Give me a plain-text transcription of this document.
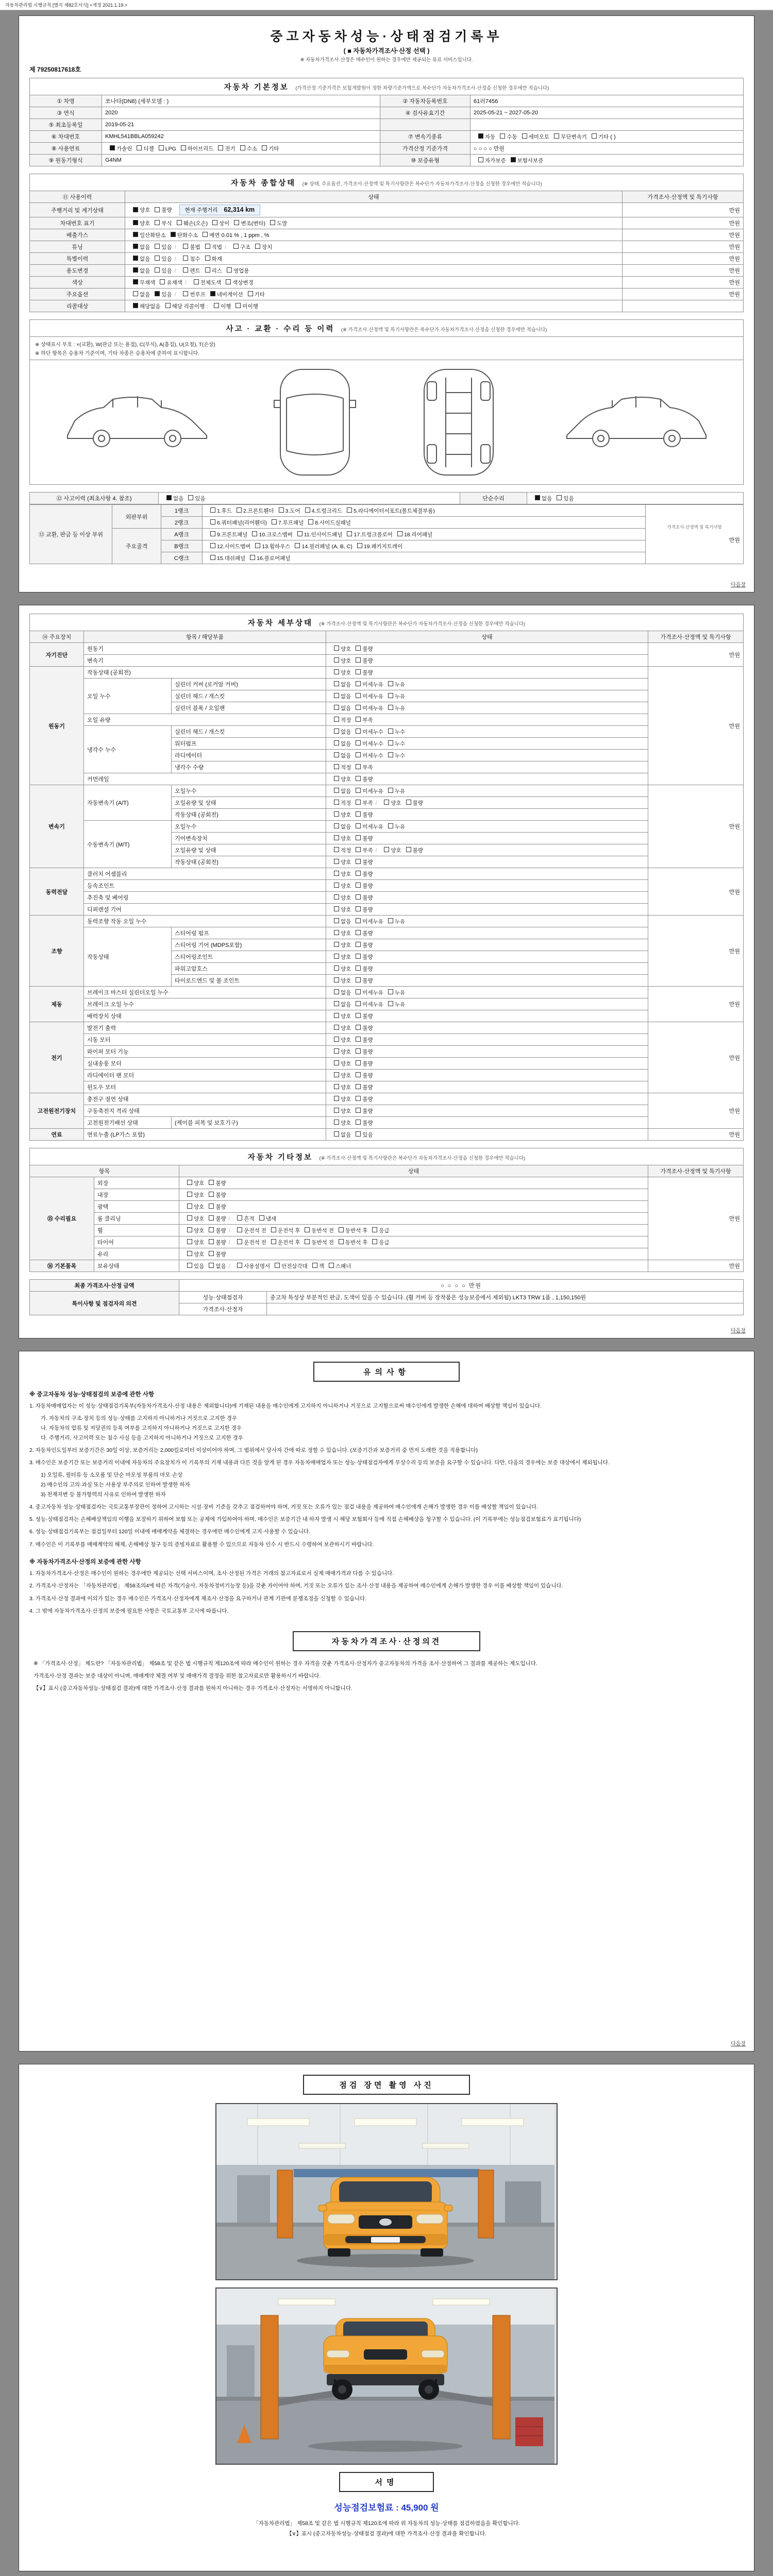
자동차관리법 시행규칙 [별지 제82호서식] <개정 2021.1.19.>
중고자동차성능·상태점검기록부
( ■ 자동차가격조사·산정 선택 )
※ 자동차가격조사·산정은 매수인이 원하는 경우에만 제공되는 유료 서비스입니다.
제 79250817618호
자동차 기본정보 (가격산정 기준가격은 보험개발원이 정한 차량기준가액으로 복수단가 자동차가격조사·산정을 신청한 경우에만 적습니다)
① 차명	쏘나타(DN8) (세부모델 : )	② 자동차등록번호	61러7456
③ 연식	2020	④ 검사유효기간	2025-05-21 ~ 2027-05-20
⑤ 최초등록일	2019-05-21		
⑥ 차대번호	KMHL541BBLA059242	⑦ 변속기종류	자동 수동 세미오토 무단변속기 기타 ( )
⑧ 사용연료	가솔린 디젤 LPG 하이브리드 전기 수소 기타	가격산정 기준가격	○ ○ ○ ○ 만원
⑨ 원동기형식	G4NM	⑩ 보증유형	자가보증 보험사보증
자동차 종합상태 (※ 상태, 주요옵션, 가격조사·산정액 및 특기사항란은 복수단가 자동차가격조사·산정을 신청한 경우에만 적습니다)
⑪ 사용이력	상태	가격조사·산정액 및 특기사항
주행거리 및 계기상태	양호 불량 현재 주행거리 62,314 km	만원
차대번호 표기	양호 부식 훼손(오손) 상이 변조(변타) 도말	만원
배출가스	일산화탄소 탄화수소 매연 0.01 % , 1 ppm , %	만원
튜닝	없음 있음 / 불법 적법 / 구조 장치	만원
특별이력	없음 있음 / 침수 화재	만원
용도변경	없음 있음 / 렌트 리스 영업용	만원
색상	무채색 유채색 / 전체도색 색상변경	만원
주요옵션	없음 있음 / 썬루프 네비게이션 기타	만원
리콜대상	해당없음 해당 리콜이행 : 이행 미이행	
사고 · 교환 · 수리 등 이력 (※ 가격조사·산정액 및 특기사항란은 복수단가 자동차가격조사·산정을 신청한 경우에만 적습니다)
※ 상태표시 부호 : ×(교환), W(판금 또는 용접), C(부식), A(흠집), U(요철), T(손상)
※ 하단 항목은 승용차 기준이며, 기타 차종은 승용차에 준하여 표시합니다.
⑫ 사고이력 (최초사항 4. 참조)	없음 있음	단순수리	없음 있음
⑬ 교환, 판금 등 이상 부위	외판부위	1랭크	1.후드 2.프론트휀더 3.도어 4.트렁크리드 5.라디에이터서포트(볼트체결부품)	가격조사·산정액 및 특기사항
만원

		2랭크	6.쿼터패널(리어휀더) 7.루프패널 8.사이드실패널	
	주요골격	A랭크	9.프론트패널 10.크로스멤버 11.인사이드패널 17.트렁크플로어 18.리어패널	
		B랭크	12.사이드멤버 13.휠하우스 14.필러패널 (A, B, C) 19.패키지트레이	
		C랭크	15.대쉬패널 16.플로어패널	
다음장
자동차 세부상태 (※ 가격조사·산정액 및 특기사항란은 복수단가 자동차가격조사·산정을 신청한 경우에만 적습니다)
⑭ 주요장치	항목 / 해당부품		상태	가격조사·산정액 및 특기사항
자기진단	원동기		양호 불량	만원
	변속기		양호 불량	
원동기	작동상태 (공회전)		양호 불량	만원
	오일 누수	실린더 커버 (로커암 커버)	없음 미세누유 누유	
		실린더 헤드 / 개스킷	없음 미세누유 누유	
		실린더 블록 / 오일팬	없음 미세누유 누유	
	오일 유량		적정 부족	
	냉각수 누수	실린더 헤드 / 개스킷	없음 미세누수 누수	
		워터펌프	없음 미세누수 누수	
		라디에이터	없음 미세누수 누수	
		냉각수 수량	적정 부족	
	커먼레일		양호 불량	
변속기	자동변속기 (A/T)	오일누수	없음 미세누유 누유	만원
		오일유량 및 상태	적정 부족 / 양호 불량	
		작동상태 (공회전)	양호 불량	
	수동변속기 (M/T)	오일누수	없음 미세누유 누유	
		기어변속장치	양호 불량	
		오일유량 및 상태	적정 부족 / 양호 불량	
		작동상태 (공회전)	양호 불량	
동력전달	클러치 어셈블리		양호 불량	만원
	등속조인트		양호 불량	
	추진축 및 베어링		양호 불량	
	디퍼렌셜 기어		양호 불량	
조향	동력조향 작동 오일 누수		없음 미세누유 누유	만원
	작동상태	스티어링 펌프	양호 불량	
		스티어링 기어 (MDPS포함)	양호 불량	
		스티어링조인트	양호 불량	
		파워고압호스	양호 불량	
		타이로드엔드 및 볼 조인트	양호 불량	
제동	브레이크 마스터 실린더오일 누수		없음 미세누유 누유	만원
	브레이크 오일 누수		없음 미세누유 누유	
	배력장치 상태		양호 불량	
전기	발전기 출력		양호 불량	만원
	시동 모터		양호 불량	
	와이퍼 모터 기능		양호 불량	
	실내송풍 모터		양호 불량	
	라디에이터 팬 모터		양호 불량	
	윈도우 모터		양호 불량	
고전원전기장치	충전구 절연 상태		양호 불량	만원
	구동축전지 격리 상태		양호 불량	
	고전원전기배선 상태	(케이블 피복 및 보호기구)	양호 불량	
연료	연료누출 (LP가스 포함)		없음 있음	만원
자동차 기타정보 (※ 가격조사·산정액 및 특기사항란은 복수단가 자동차가격조사·산정을 신청한 경우에만 적습니다)
항목		상태	가격조사·산정액 및 특기사항
⑮ 수리필요	외장	양호 불량	만원
	내장	양호 불량	
	광택	양호 불량	
	룸 클리닝	양호 불량 / 흔적 냄새	
	휠	양호 불량 / 운전석 전 운전석 후 동반석 전 동반석 후 응급	
	타이어	양호 불량 / 운전석 전 운전석 후 동반석 전 동반석 후 응급	
	유리	양호 불량	
⑯ 기본품목	보유상태	있음 없음 / 사용설명서 안전삼각대 잭 스패너	만원
최종 가격조사·산정 금액	○ ○ ○ ○ 만원	
특이사항 및 점검자의 의견	성능·상태점검자	중고차 특성상 부분적인 판금, 도색이 있을 수 있습니다. (휠 커버 등 장착품은 성능보증에서 제외됨) LKT3 TRW 1품 , 1,150,150원
	가격조사·산정자	
다음장
유의사항
※ 중고자동차 성능·상태점검의 보증에 관한 사항
1. 자동차매매업자는 이 성능·상태점검기록부(자동차가격조사·산정 내용은 제외합니다)에 기재된 내용을 매수인에게 고지하지 아니하거나 거짓으로 고지함으로써 매수인에게 발생한 손해에 대하여 배상할 책임이 있습니다.
가. 자동차의 구조·장치 등의 성능·상태를 고지하지 아니하거나 거짓으로 고지한 경우
나. 자동차의 압류 및 저당권의 등록 여부를 고지하지 아니하거나 거짓으로 고지한 경우
다. 주행거리, 사고이력 또는 침수 사실 등을 고지하지 아니하거나 거짓으로 고지한 경우
2. 자동차인도일부터 보증기간은 30일 이상, 보증거리는 2,000킬로미터 이상이어야 하며, 그 범위에서 당사자 간에 따로 정할 수 있습니다. (보증기간과 보증거리 중 먼저 도래한 것을 적용합니다)
3. 매수인은 보증기간 또는 보증거리 이내에 자동차의 주요장치가 이 기록부의 기재 내용과 다른 것을 알게 된 경우 자동차매매업자 또는 성능·상태점검자에게 무상수리 등의 보증을 요구할 수 있습니다. 다만, 다음의 경우에는 보증 대상에서 제외됩니다.
1) 오일류, 필터류 등 소모품 및 단순 마모성 부품의 마모·손상
2) 매수인의 고의·과실 또는 사용상 부주의로 인하여 발생한 하자
3) 천재지변 등 불가항력의 사유로 인하여 발생한 하자
4. 중고자동차 성능·상태점검자는 국토교통부장관이 정하여 고시하는 시설·장비 기준을 갖추고 점검하여야 하며, 거짓 또는 오류가 있는 점검 내용을 제공하여 매수인에게 손해가 발생한 경우 이를 배상할 책임이 있습니다.
5. 성능·상태점검자는 손해배상책임의 이행을 보장하기 위하여 보험 또는 공제에 가입하여야 하며, 매수인은 보증기간 내 하자 발생 시 해당 보험회사 등에 직접 손해배상을 청구할 수 있습니다. (이 기록부에는 성능점검보험료가 표기됩니다)
6. 성능·상태점검기록부는 점검일부터 120일 이내에 매매계약을 체결하는 경우에만 매수인에게 고지·사용할 수 있습니다.
7. 매수인은 이 기록부를 매매계약의 해제, 손해배상 청구 등의 증빙자료로 활용할 수 있으므로 자동차 인수 시 반드시 수령하여 보관하시기 바랍니다.
※ 자동차가격조사·산정의 보증에 관한 사항
1. 자동차가격조사·산정은 매수인이 원하는 경우에만 제공되는 선택 서비스이며, 조사·산정된 가격은 거래의 참고자료로서 실제 매매가격과 다를 수 있습니다.
2. 가격조사·산정자는 「자동차관리법」 제58조의4에 따른 자격(기술사, 자동차정비기능장 등)을 갖춘 자이어야 하며, 거짓 또는 오류가 있는 조사·산정 내용을 제공하여 매수인에게 손해가 발생한 경우 이를 배상할 책임이 있습니다.
3. 가격조사·산정 결과에 이의가 있는 경우 매수인은 가격조사·산정자에게 재조사·산정을 요구하거나 관계 기관에 분쟁조정을 신청할 수 있습니다.
4. 그 밖에 자동차가격조사·산정의 보증에 필요한 사항은 국토교통부 고시에 따릅니다.
자동차가격조사·산정의견
※ 「가격조사·산정」 제도란? 「자동차관리법」 제58조 및 같은 법 시행규칙 제120조에 따라 매수인이 원하는 경우 자격을 갖춘 가격조사·산정자가 중고자동차의 가격을 조사·산정하여 그 결과를 제공하는 제도입니다.
가격조사·산정 결과는 보증 대상이 아니며, 매매계약 체결 여부 및 매매가격 결정을 위한 참고자료로만 활용하시기 바랍니다.
【∨】표시 (중고자동차성능·상태점검 결과)에 대한 가격조사·산정 결과를 원하지 아니하는 경우 가격조사·산정자는 서명하지 아니합니다.
다음장
점검 장면 촬영 사진
서명
성능점검보험료 : 45,900 원
「자동차관리법」 제58조 및 같은 법 시행규칙 제120조에 따라 위 자동차의 성능·상태를 점검하였음을 확인합니다.
【∨】표시 (중고자동차성능·상태점검 결과)에 대한 가격조사·산정 결과를 확인합니다.
